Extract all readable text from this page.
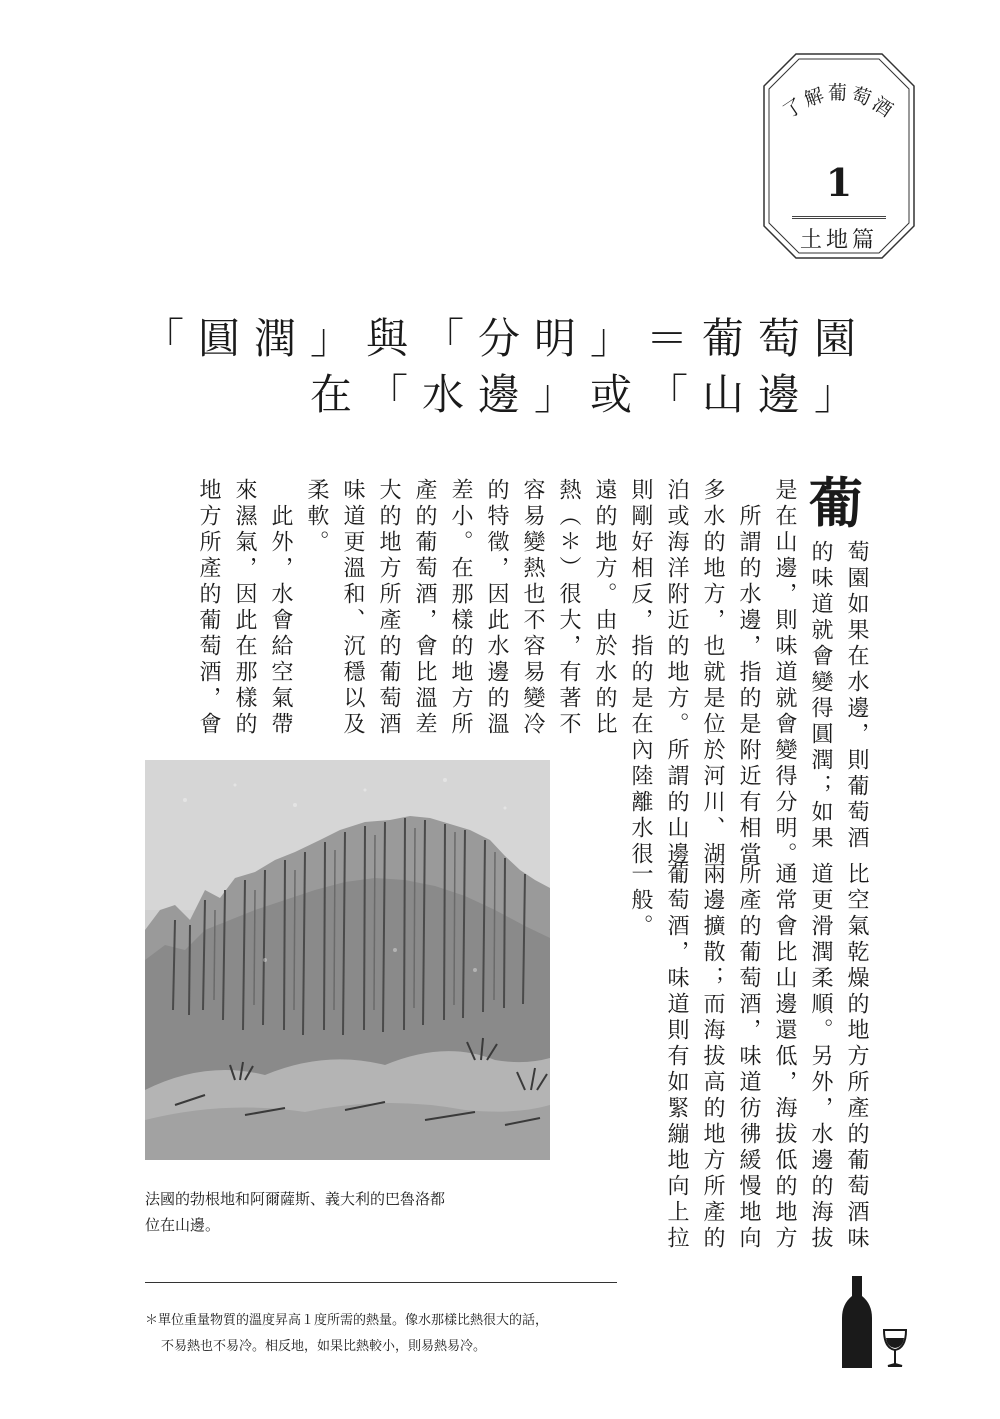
了解葡萄酒
1
土地篇
「圓潤」與「分明」＝葡萄園
在「水邊」或「山邊」
葡
萄園如果在水邊，則葡萄酒
的味道就會變得圓潤；如果
是在山邊，則味道就會變得分明。
　所謂的水邊，指的是附近有相當
多水的地方，也就是位於河川、湖
泊或海洋附近的地方。所謂的山邊
則剛好相反，指的是在內陸離水很
遠的地方。由於水的比
熱（＊）很大，有著不
容易變熱也不容易變冷
的特徵，因此水邊的溫
差小。在那樣的地方所
產的葡萄酒，會比溫差
大的地方所產的葡萄酒
味道更溫和、沉穩以及
柔軟。
　此外，水會給空氣帶
來濕氣，因此在那樣的
地方所產的葡萄酒，會
比空氣乾燥的地方所產的葡萄酒味
道更滑潤柔順。另外，水邊的海拔
通常會比山邊還低，海拔低的地方
所產的葡萄酒，味道彷彿緩慢地向
兩邊擴散；而海拔高的地方所產的
葡萄酒，味道則有如緊繃地向上拉
一般。
法國的勃根地和阿爾薩斯、義大利的巴魯洛都
位在山邊。
＊單位重量物質的溫度昇高１度所需的熱量。像水那樣比熱很大的話，
不易熱也不易冷。相反地，如果比熱較小，則易熱易冷。
